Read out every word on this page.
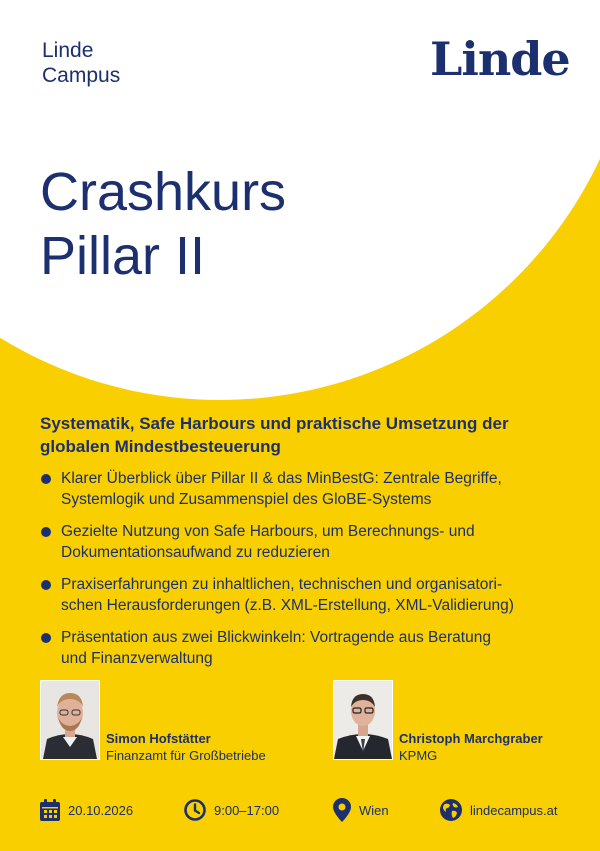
Linde
Campus	Linde
Crashkurs
Pillar II
Systematik, Safe Harbours und praktische Umsetzung der
globalen Mindestbesteuerung
Klarer Überblick über Pillar II & das MinBestG: Zentrale Begriffe,
Systemlogik und Zusammenspiel des GloBE-Systems
Gezielte Nutzung von Safe Harbours, um Berechnungs- und
Dokumentationsaufwand zu reduzieren
Praxiserfahrungen zu inhaltlichen, technischen und organisatori-
schen Herausforderungen (z.B. XML-Erstellung, XML-Validierung)
Präsentation aus zwei Blickwinkeln: Vortragende aus Beratung
und Finanzverwaltung
Simon Hofstätter
Finanzamt für Großbetriebe
Christoph Marchgraber
KPMG
20.10.2026	9:00–17:00	Wien	lindecampus.at
